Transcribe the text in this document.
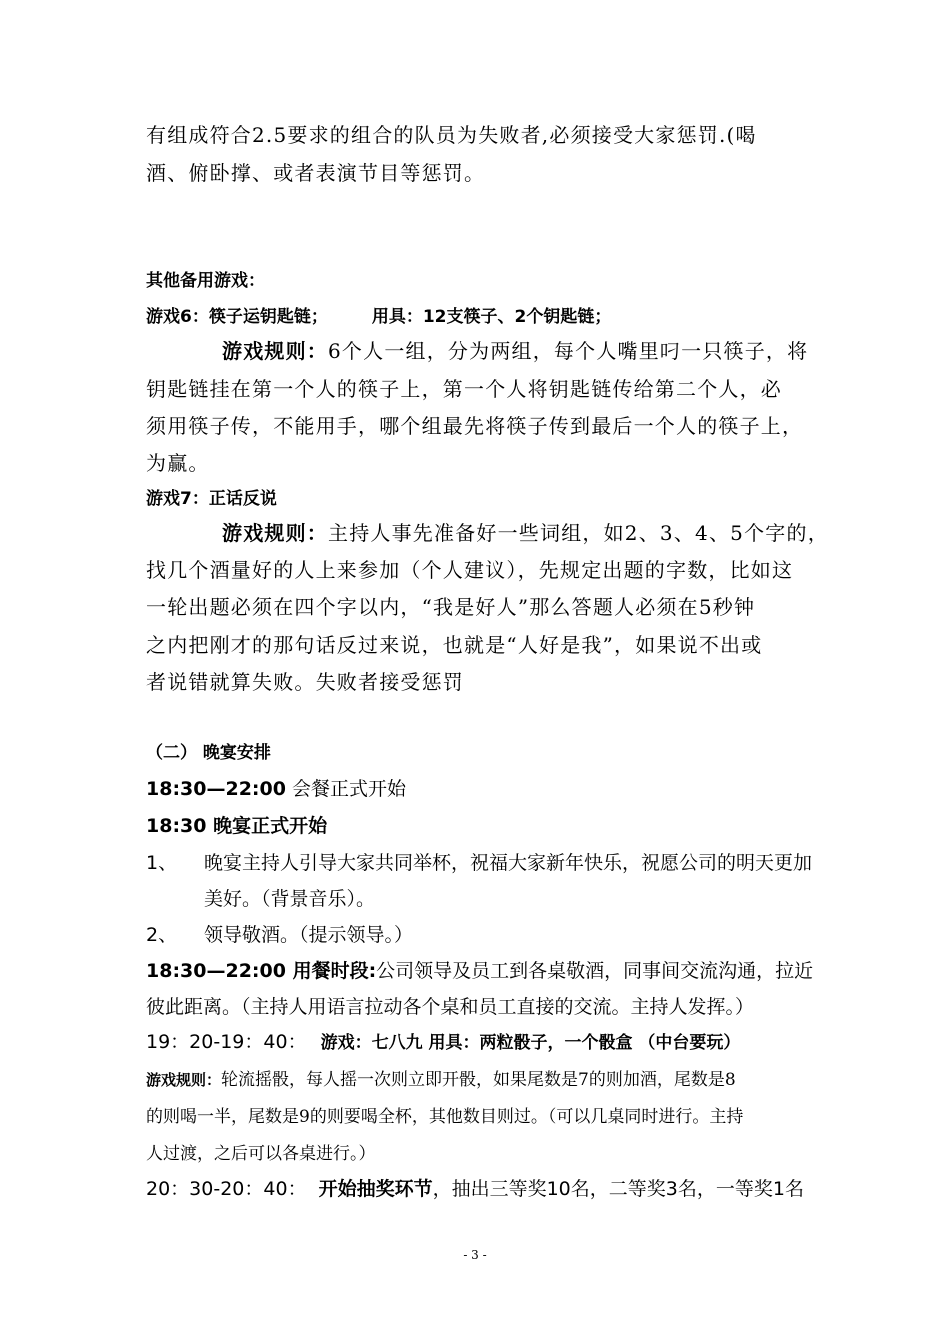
有组成符合2.5要求的组合的队员为失败者,必须接受大家惩罚.(喝
酒、俯卧撑、或者表演节目等惩罚。
其他备用游戏：
游戏6：筷子运钥匙链；	用具：12支筷子、2个钥匙链；
游戏规则：6个人一组，分为两组，每个人嘴里叼一只筷子，将
钥匙链挂在第一个人的筷子上，第一个人将钥匙链传给第二个人，必
须用筷子传，不能用手，哪个组最先将筷子传到最后一个人的筷子上，
为赢。
游戏7：正话反说
游戏规则：主持人事先准备好一些词组，如2、3、4、5个字的，
找几个酒量好的人上来参加（个人建议），先规定出题的字数，比如这
一轮出题必须在四个字以内，“我是好人”那么答题人必须在5秒钟
之内把刚才的那句话反过来说，也就是“人好是我”，如果说不出或
者说错就算失败。失败者接受惩罚
（二） 晚宴安排
18:30—22:00 会餐正式开始
18:30 晚宴正式开始
1、 晚宴主持人引导大家共同举杯，祝福大家新年快乐，祝愿公司的明天更加
美好。（背景音乐）。
2、 领导敬酒。（提示领导。）
18:30—22:00 用餐时段:公司领导及员工到各桌敬酒，同事间交流沟通，拉近
彼此距离。（主持人用语言拉动各个桌和员工直接的交流。主持人发挥。）
19：20-19：40： 游戏：七八九 用具：两粒骰子，一个骰盒 （中台要玩）
游戏规则：轮流摇骰，每人摇一次则立即开骰，如果尾数是7的则加酒，尾数是8
的则喝一半，尾数是9的则要喝全杯，其他数目则过。（可以几桌同时进行。主持
人过渡，之后可以各桌进行。）
20：30-20：40： 开始抽奖环节，抽出三等奖10名，二等奖3名，一等奖1名
- 3 -
